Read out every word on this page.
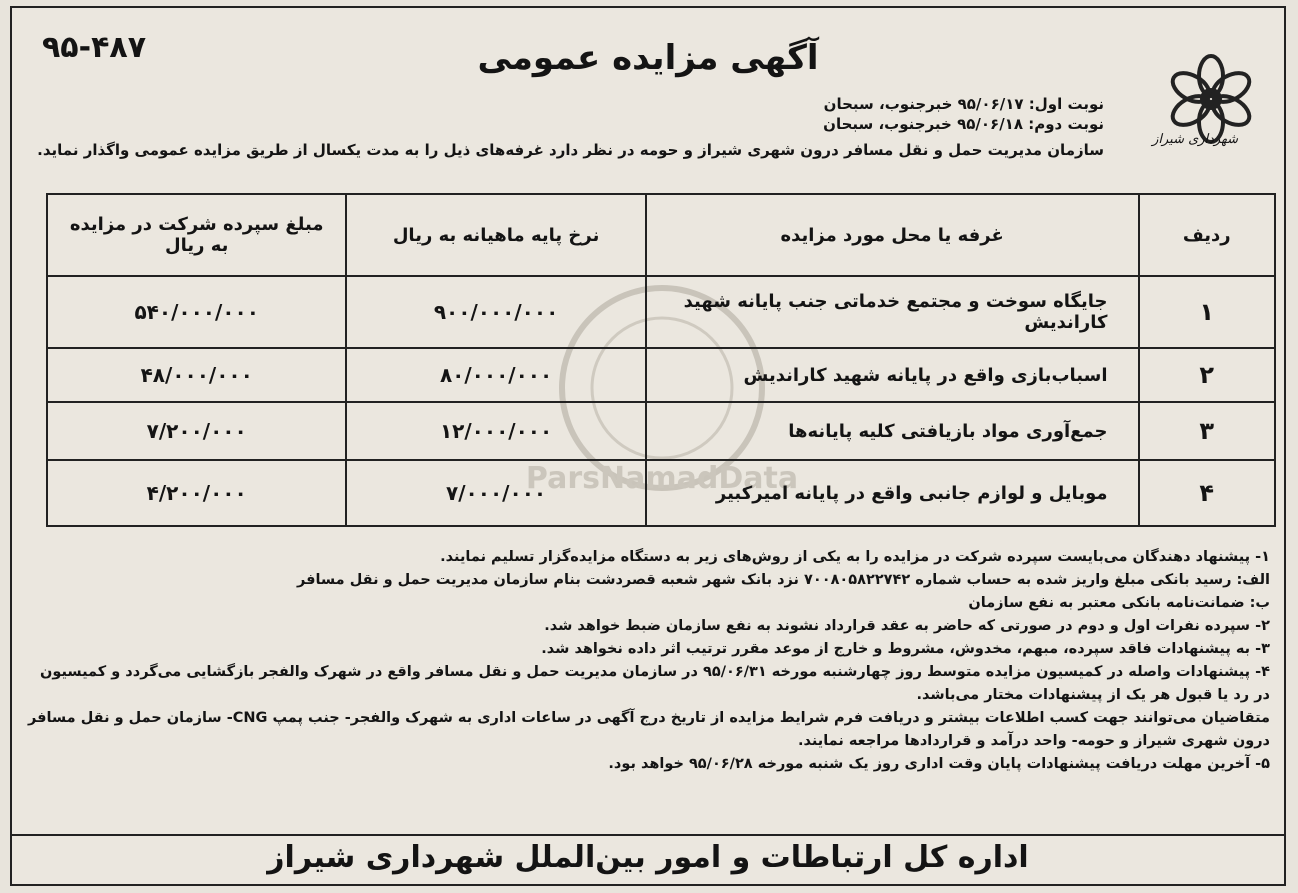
۹۵-۴۸۷	آگهی مزایده عمومی
شهرداری شیراز
نوبت اول: ۹۵/۰۶/۱۷ خبرجنوب، سبحان
نوبت دوم: ۹۵/۰۶/۱۸ خبرجنوب، سبحان
سازمان مدیریت حمل و نقل مسافر درون شهری شیراز و حومه در نظر دارد غرفه‌های ذیل را به مدت یکسال از طریق مزایده عمومی واگذار نماید.
ParsNamadData
ردیف	غرفه یا محل مورد مزایده	نرخ پایه ماهیانه به ریال	مبلغ سپرده شرکت در مزایده به ریال
۱	جایگاه سوخت و مجتمع خدماتی جنب پایانه شهید کاراندیش	۹۰۰/۰۰۰/۰۰۰	۵۴۰/۰۰۰/۰۰۰
۲	اسباب‌بازی واقع در پایانه شهید کاراندیش	۸۰/۰۰۰/۰۰۰	۴۸/۰۰۰/۰۰۰
۳	جمع‌آوری مواد بازیافتی کلیه پایانه‌ها	۱۲/۰۰۰/۰۰۰	۷/۲۰۰/۰۰۰
۴	موبایل و لوازم جانبی واقع در پایانه امیرکبیر	۷/۰۰۰/۰۰۰	۴/۲۰۰/۰۰۰

۱- پیشنهاد دهندگان می‌بایست سپرده شرکت در مزایده را به یکی از روش‌های زیر به دستگاه مزایده‌گزار تسلیم نمایند.

الف: رسید بانکی مبلغ واریز شده به حساب شماره ۷۰۰۸۰۵۸۲۲۷۴۲ نزد بانک شهر شعبه قصردشت بنام سازمان مدیریت حمل و نقل مسافر

ب: ضمانت‌نامه بانکی معتبر به نفع سازمان

۲- سپرده نفرات اول و دوم در صورتی که حاضر به عقد قرارداد نشوند به نفع سازمان ضبط خواهد شد.

۳- به پیشنهادات فاقد سپرده، مبهم، مخدوش، مشروط و خارج از موعد مقرر ترتیب اثر داده نخواهد شد.

۴- پیشنهادات واصله در کمیسیون مزایده متوسط روز چهارشنبه مورخه ۹۵/۰۶/۳۱ در سازمان مدیریت حمل و نقل مسافر واقع در شهرک والفجر بازگشایی می‌گردد و کمیسیون در رد یا قبول هر یک از پیشنهادات مختار می‌باشد.

متقاضیان می‌توانند جهت کسب اطلاعات بیشتر و دریافت فرم شرایط مزایده از تاریخ درج آگهی در ساعات اداری به شهرک والفجر- جنب پمپ CNG- سازمان حمل و نقل مسافر درون شهری شیراز و حومه- واحد درآمد و قراردادها مراجعه نمایند.

۵- آخرین مهلت دریافت پیشنهادات پایان وقت اداری روز یک شنبه مورخه ۹۵/۰۶/۲۸ خواهد بود.

اداره کل ارتباطات و امور بین‌الملل شهرداری شیراز
